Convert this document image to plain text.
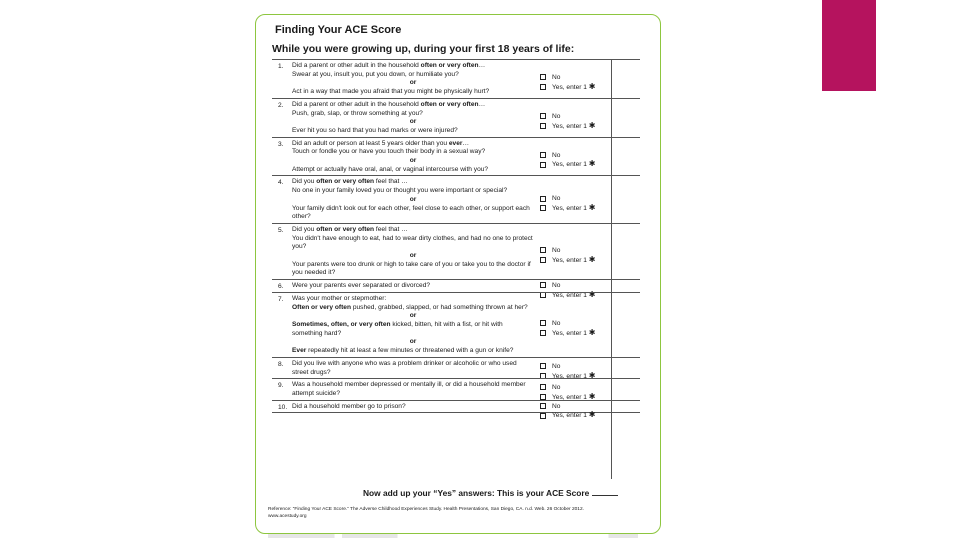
Finding Your ACE Score
While you were growing up, during your first 18 years of life:
1. Did a parent or other adult in the household often or very often…
Swear at you, insult you, put you down, or humiliate you?
or
Act in a way that made you afraid that you might be physically hurt?
No
Yes, enter 1 ✱
2. Did a parent or other adult in the household often or very often…
Push, grab, slap, or throw something at you?
or
Ever hit you so hard that you had marks or were injured?
No
Yes, enter 1 ✱
3. Did an adult or person at least 5 years older than you ever…
Touch or fondle you or have you touch their body in a sexual way?
or
Attempt or actually have oral, anal, or vaginal intercourse with you?
No
Yes, enter 1 ✱
4. Did you often or very often feel that …
No one in your family loved you or thought you were important or special?
or
Your family didn't look out for each other, feel close to each other, or support each other?
No
Yes, enter 1 ✱
5. Did you often or very often feel that …
You didn't have enough to eat, had to wear dirty clothes, and had no one to protect you?
or
Your parents were too drunk or high to take care of you or take you to the doctor if you needed it?
No
Yes, enter 1 ✱
6. Were your parents ever separated or divorced?	No
Yes, enter 1 ✱
7. Was your mother or stepmother:
Often or very often pushed, grabbed, slapped, or had something thrown at her?
or
Sometimes, often, or very often kicked, bitten, hit with a fist, or hit with something hard?
or
Ever repeatedly hit at least a few minutes or threatened with a gun or knife?
No
Yes, enter 1 ✱
8. Did you live with anyone who was a problem drinker or alcoholic or who used street drugs?
No
Yes, enter 1 ✱
9. Was a household member depressed or mentally ill, or did a household member attempt suicide?
No
Yes, enter 1 ✱
10. Did a household member go to prison?	No
Yes, enter 1 ✱
Now add up your “Yes” answers: This is your ACE Score
Reference: “Finding Your ACE Score.” The Adverse Childhood Experiences Study. Health Presentations, San Diego, CA. n.d. Web. 26 October 2012.
www.acestudy.org
